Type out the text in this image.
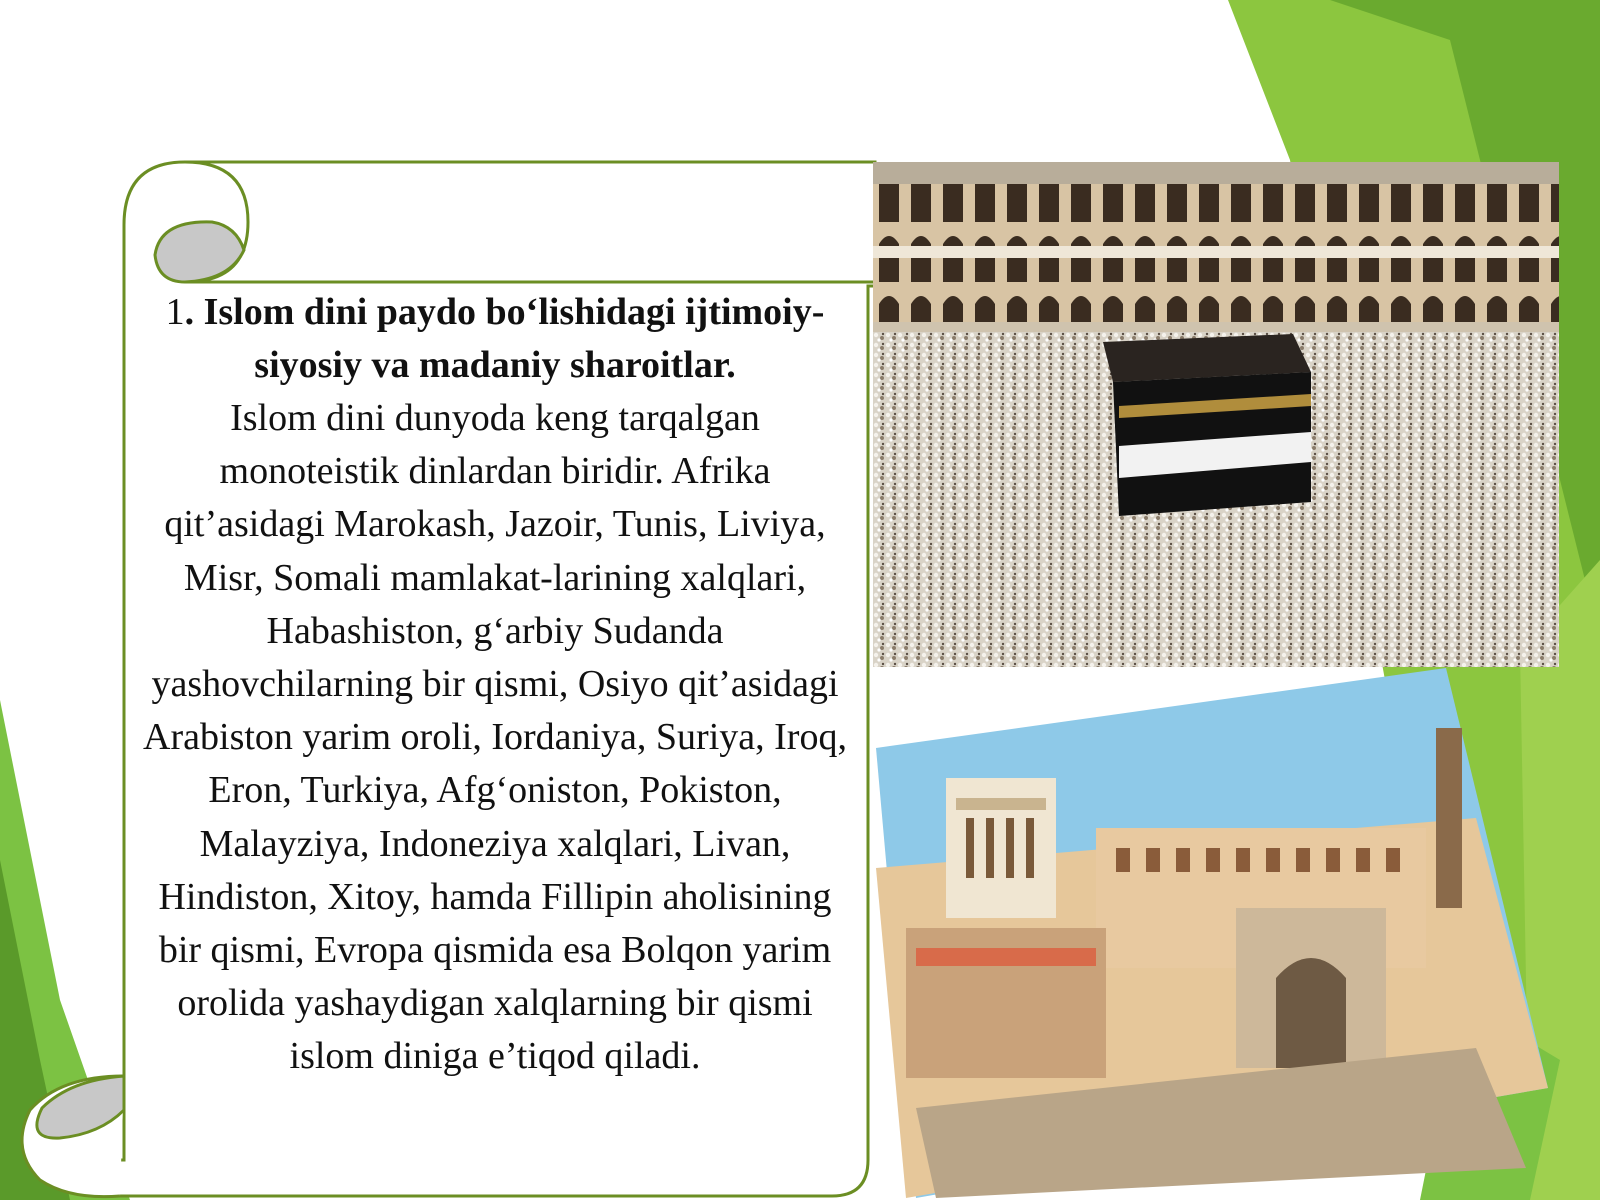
1. Islom dini paydo bo‘lishidagi ijtimoiy-siyosiy va madaniy sharoitlar.
Islom dini dunyoda keng tarqalgan monoteistik dinlardan biridir. Afrika qit’asidagi Marokash, Jazoir, Tunis, Liviya, Misr, Somali mamlakat-larining xalqlari, Habashiston, g‘arbiy Sudanda yashovchilarning bir qismi, Osiyo qit’asidagi Arabiston yarim oroli, Iordaniya, Suriya, Iroq, Eron, Turkiya, Afg‘oniston, Pokiston, Malayziya, Indoneziya xalqlari, Livan, Hindiston, Xitoy, hamda Fillipin aholisining bir qismi, Evropa qismida esa Bolqon yarim orolida yashaydigan xalqlarning bir qismi islom diniga e’tiqod qiladi.
